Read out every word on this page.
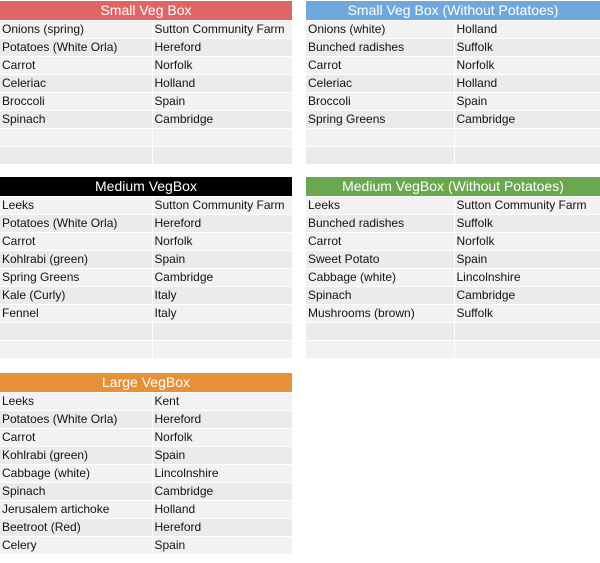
Small Veg Box
Onions (spring)	Sutton Community Farm
Potatoes (White Orla)	Hereford
Carrot	Norfolk
Celeriac	Holland
Broccoli	Spain
Spinach	Cambridge

Small Veg Box (Without Potatoes)
Onions (white)	Holland
Bunched radishes	Suffolk
Carrot	Norfolk
Celeriac	Holland
Broccoli	Spain
Spring Greens	Cambridge

Medium VegBox
Leeks	Sutton Community Farm
Potatoes (White Orla)	Hereford
Carrot	Norfolk
Kohlrabi (green)	Spain
Spring Greens	Cambridge
Kale (Curly)	Italy
Fennel	Italy

Medium VegBox (Without Potatoes)
Leeks	Sutton Community Farm
Bunched radishes	Suffolk
Carrot	Norfolk
Sweet Potato	Spain
Cabbage (white)	Lincolnshire
Spinach	Cambridge
Mushrooms (brown)	Suffolk

Large VegBox
Leeks	Kent
Potatoes (White Orla)	Hereford
Carrot	Norfolk
Kohlrabi (green)	Spain
Cabbage (white)	Lincolnshire
Spinach	Cambridge
Jerusalem artichoke	Holland
Beetroot (Red)	Hereford
Celery	Spain
